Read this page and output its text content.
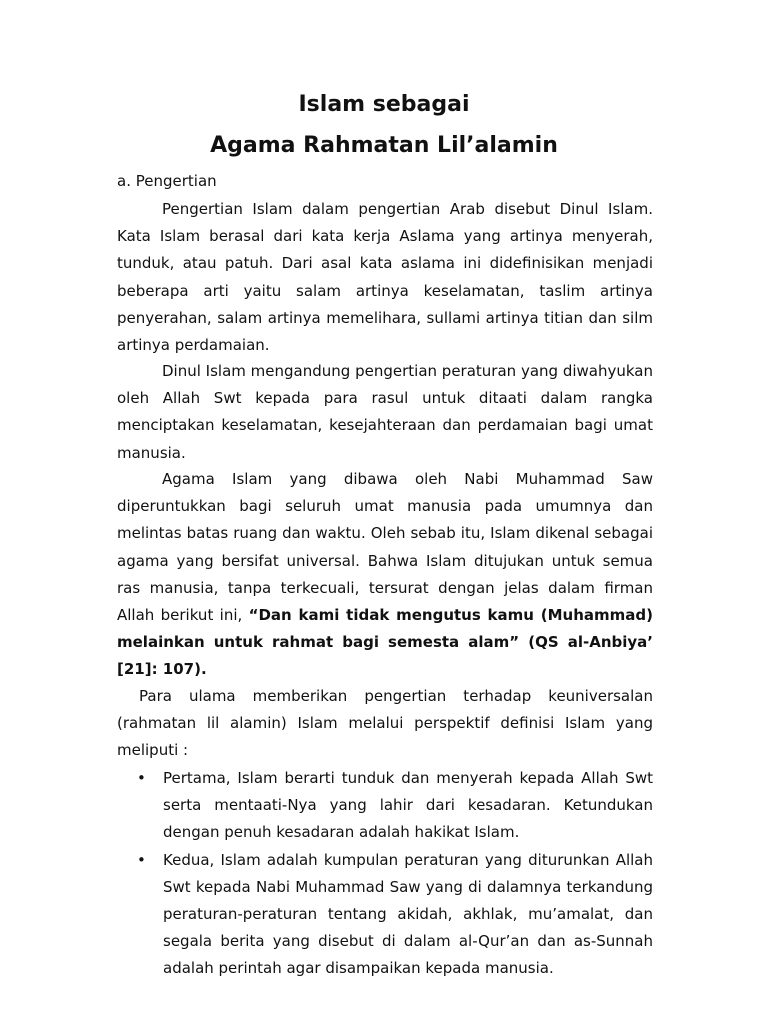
Islam sebagai
Agama Rahmatan Lil’alamin
a. Pengertian

Pengertian Islam dalam pengertian Arab disebut Dinul Islam. Kata Islam berasal dari kata kerja Aslama yang artinya menyerah, tunduk, atau patuh. Dari asal kata aslama ini didefinisikan menjadi beberapa arti yaitu salam artinya keselamatan, taslim artinya penyerahan, salam artinya memelihara, sullami artinya titian dan silm artinya perdamaian.

Dinul Islam mengandung pengertian peraturan yang diwahyukan oleh Allah Swt kepada para rasul untuk ditaati dalam rangka menciptakan keselamatan, kesejahteraan dan perdamaian bagi umat manusia.

Agama Islam yang dibawa oleh Nabi Muhammad Saw diperuntukkan bagi seluruh umat manusia pada umumnya dan melintas batas ruang dan waktu. Oleh sebab itu, Islam dikenal sebagai agama yang bersifat universal. Bahwa Islam ditujukan untuk semua ras manusia, tanpa terkecuali, tersurat dengan jelas dalam firman Allah berikut ini, “Dan kami tidak mengutus kamu (Muhammad) melainkan untuk rahmat bagi semesta alam” (QS al-Anbiya’ [21]: 107).

Para ulama memberikan pengertian terhadap keuniversalan (rahmatan lil alamin) Islam melalui perspektif definisi Islam yang meliputi :

• Pertama, Islam berarti tunduk dan menyerah kepada Allah Swt serta mentaati-Nya yang lahir dari kesadaran. Ketundukan dengan penuh kesadaran adalah hakikat Islam.
• Kedua, Islam adalah kumpulan peraturan yang diturunkan Allah Swt kepada Nabi Muhammad Saw yang di dalamnya terkandung peraturan-peraturan tentang akidah, akhlak, mu’amalat, dan segala berita yang disebut di dalam al-Qur’an dan as-Sunnah adalah perintah agar disampaikan kepada manusia.
